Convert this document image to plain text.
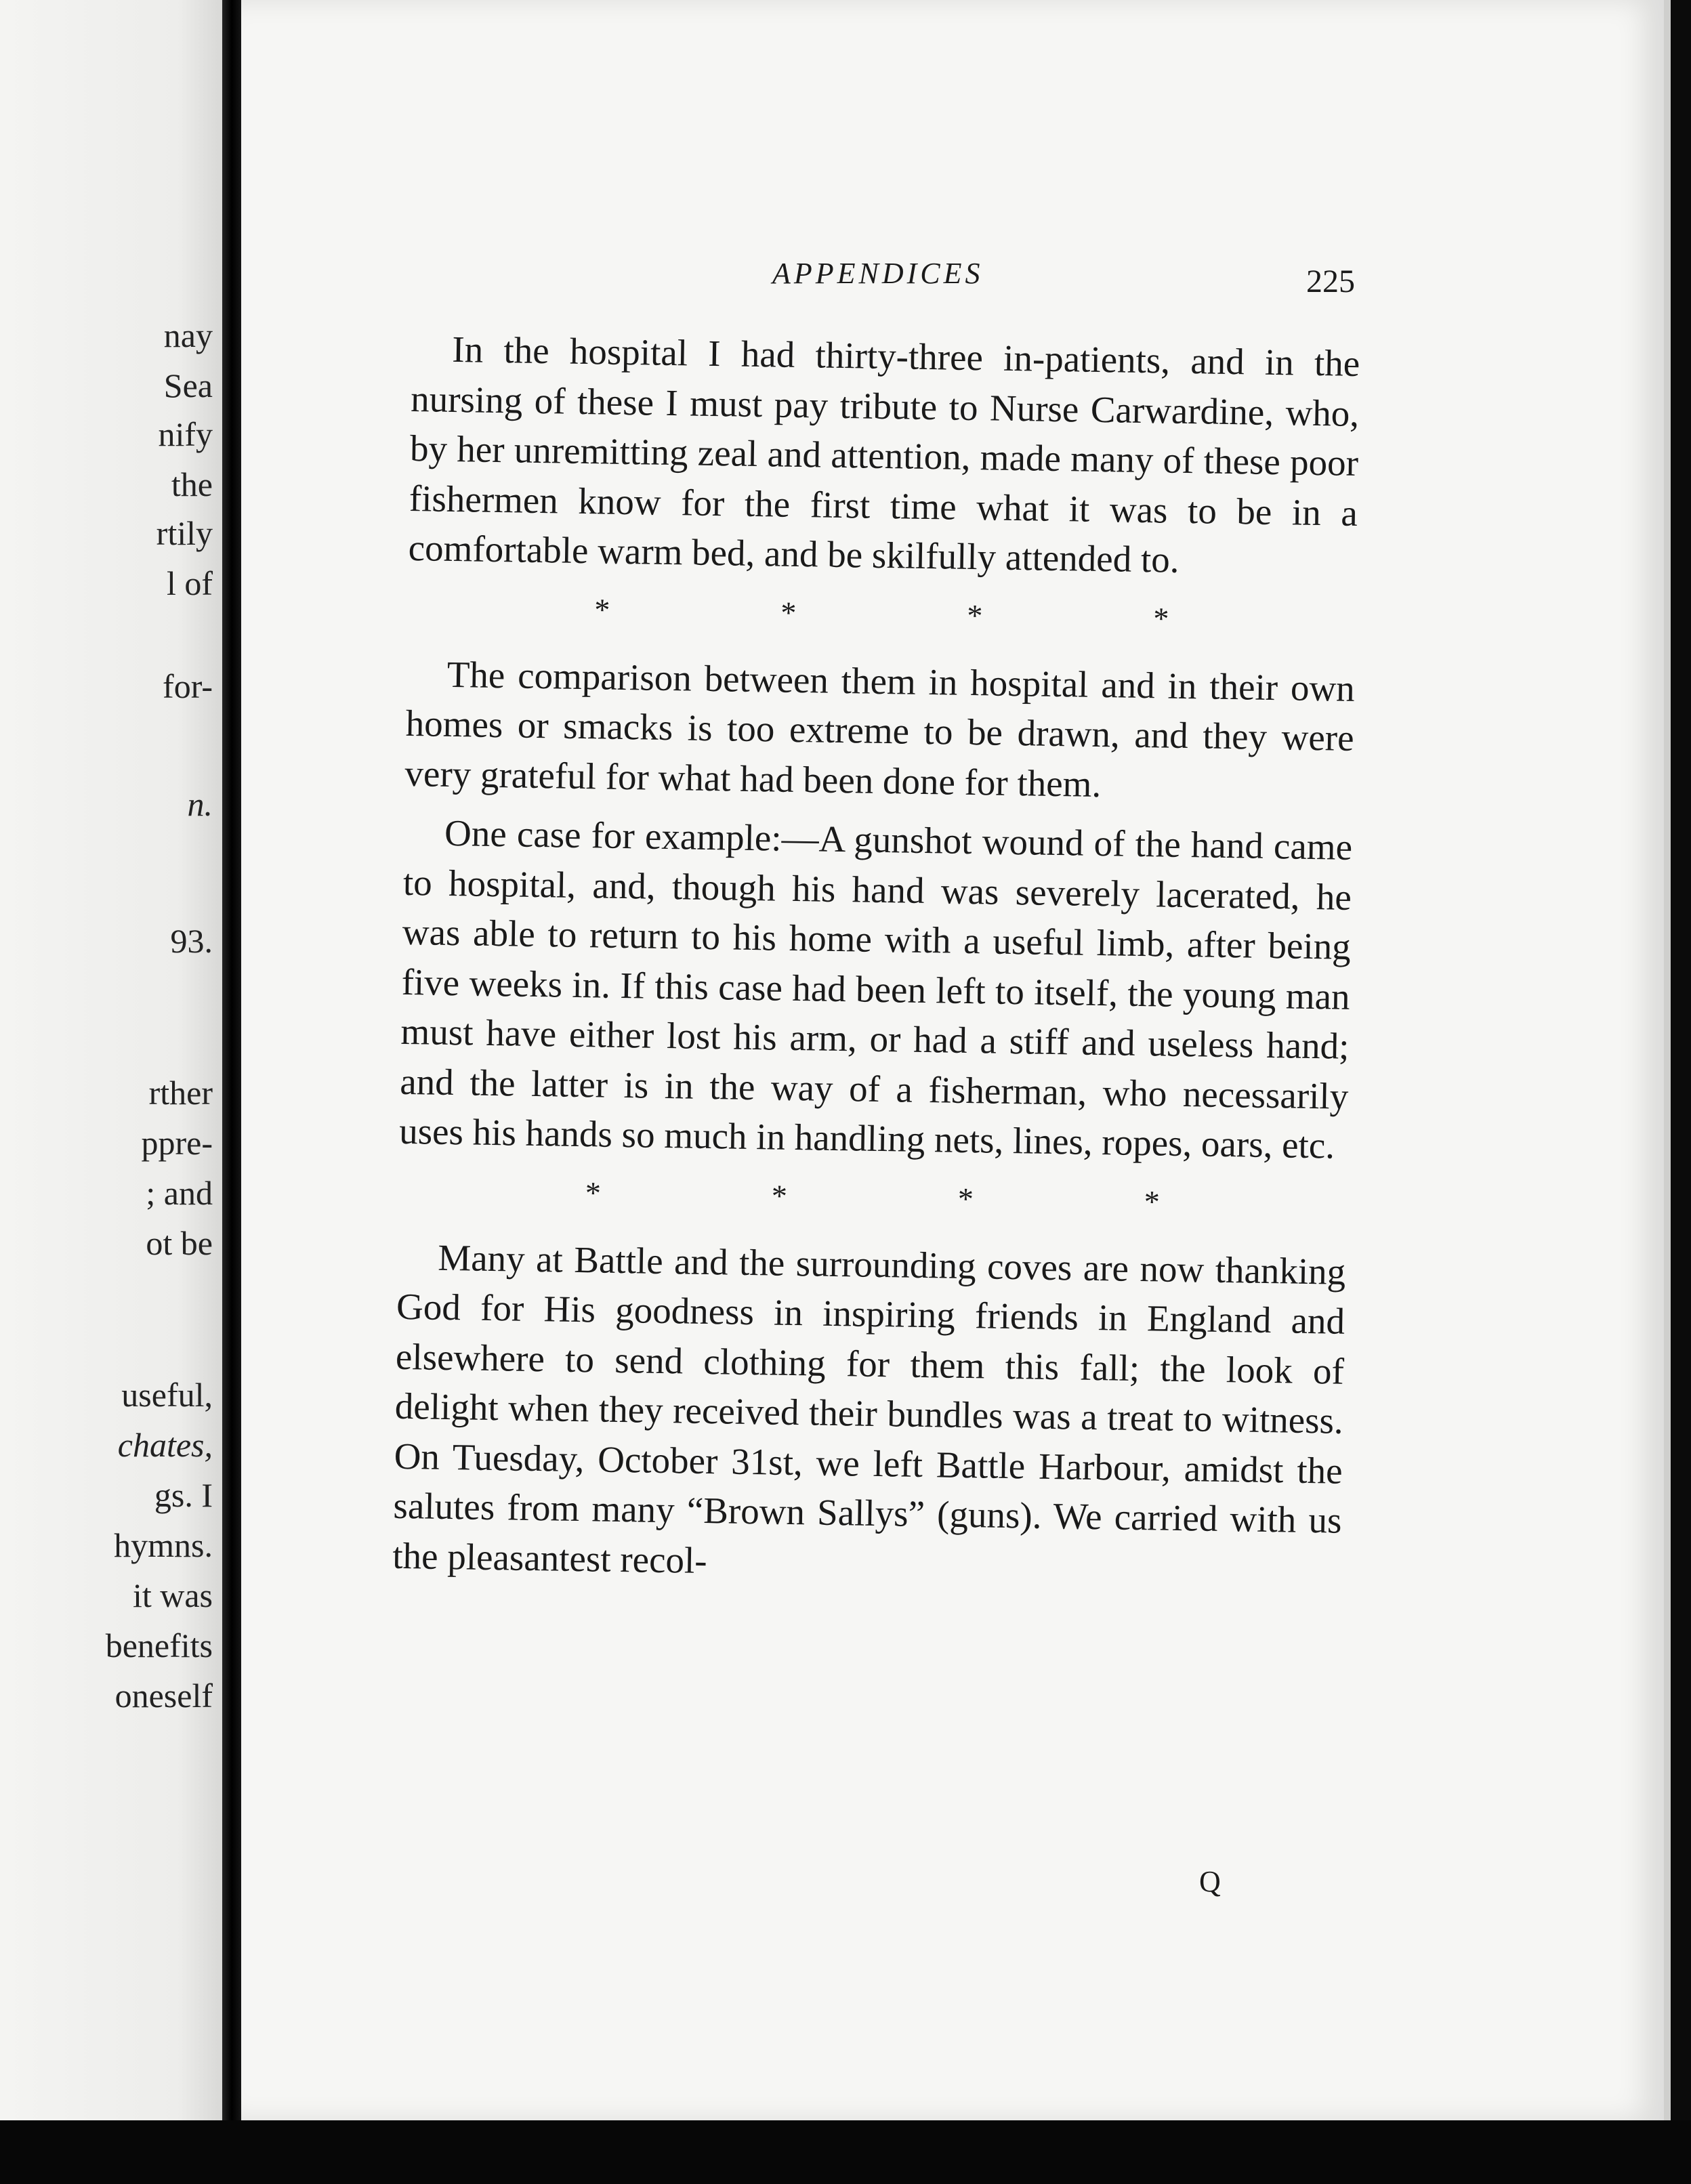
nay
Sea
nify
the
rtily
l of
for-
n.
93.
rther
ppre-
; and
ot be
useful,
chates,
gs. I
hymns.
it was
benefits
oneself
APPENDICES	225

In the hospital I had thirty-three in-patients, and in the nursing of these I must pay tribute to Nurse Carwardine, who, by her unremitting zeal and attention, made many of these poor fishermen know for the first time what it was to be in a comfortable warm bed, and be skilfully attended to.

*	*	*	*

The comparison between them in hospital and in their own homes or smacks is too extreme to be drawn, and they were very grateful for what had been done for them.

One case for example:—A gunshot wound of the hand came to hospital, and, though his hand was severely lacerated, he was able to return to his home with a useful limb, after being five weeks in. If this case had been left to itself, the young man must have either lost his arm, or had a stiff and useless hand; and the latter is in the way of a fisherman, who necessarily uses his hands so much in handling nets, lines, ropes, oars, etc.

*	*	*	*

Many at Battle and the surrounding coves are now thanking God for His goodness in inspiring friends in England and elsewhere to send clothing for them this fall; the look of delight when they received their bundles was a treat to witness. On Tuesday, October 31st, we left Battle Harbour, amidst the salutes from many “Brown Sallys” (guns). We carried with us the pleasantest recol-

Q
